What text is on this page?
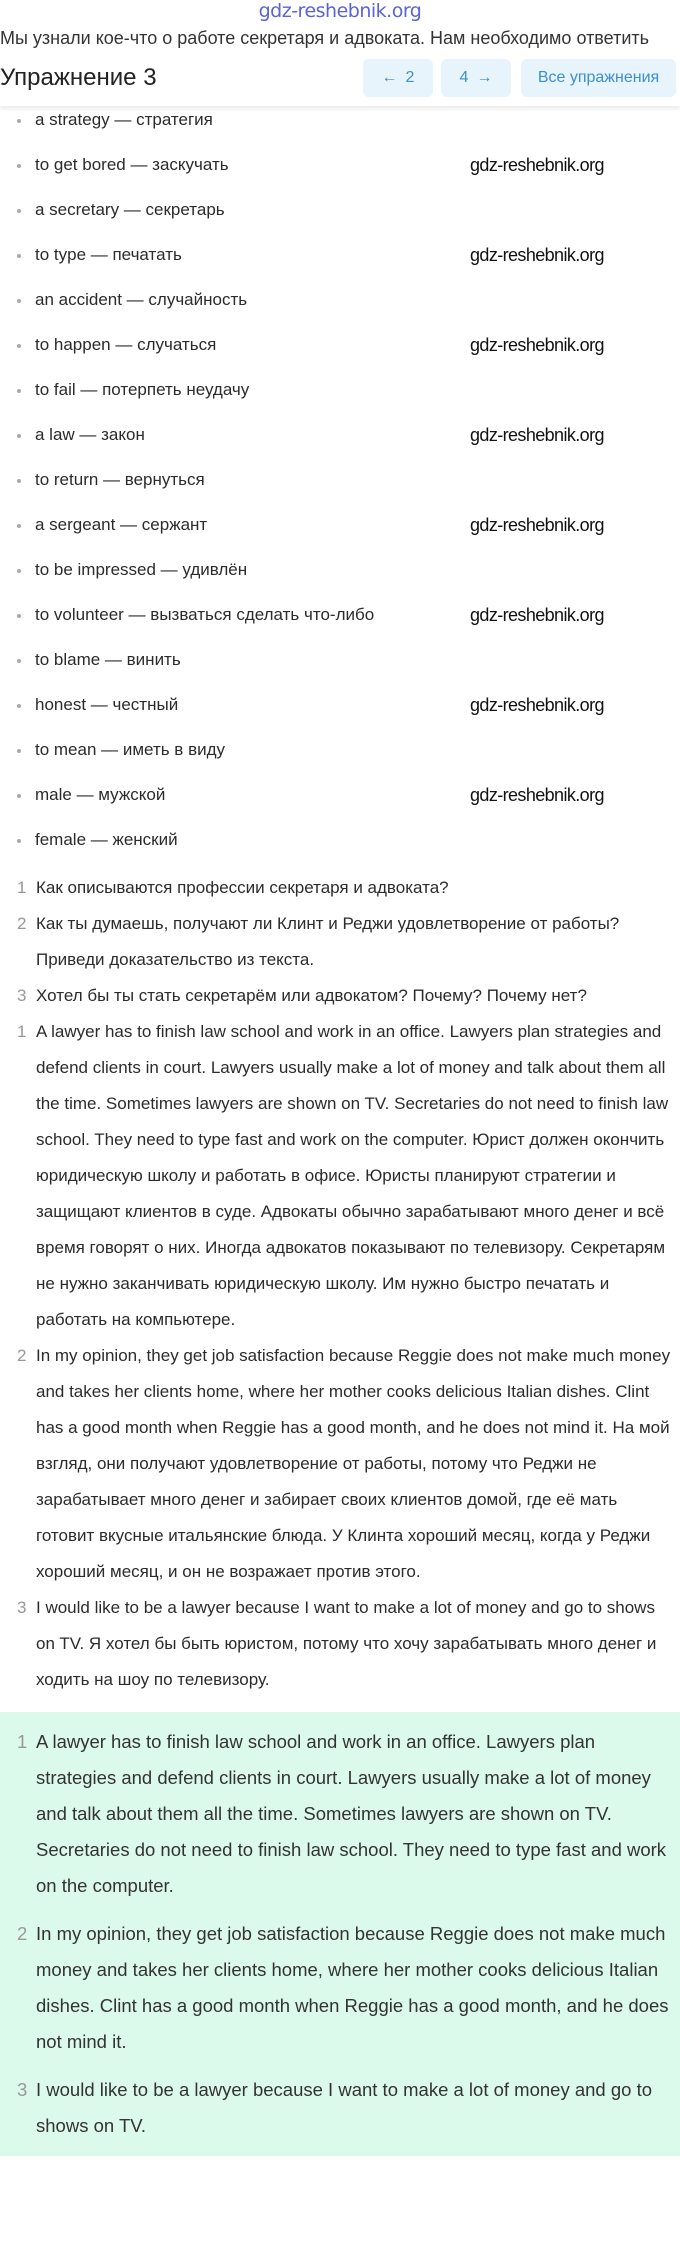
gdz-reshebnik.org
Мы узнали кое-что о работе секретаря и адвоката. Нам необходимо ответить
Упражнение 3	← 2	4 →	Все упражнения
a strategy — стратегия
to get bored — заскучать
a secretary — секретарь
to type — печатать
an accident — случайность
to happen — случаться
to fail — потерпеть неудачу
a law — закон
to return — вернуться
a sergeant — сержант
to be impressed — удивлён
to volunteer — вызваться сделать что-либо
to blame — винить
honest — честный
to mean — иметь в виду
male — мужской
female — женский
1 Как описываются профессии секретаря и адвоката?
2 Как ты думаешь, получают ли Клинт и Реджи удовлетворение от работы?
Приведи доказательство из текста.
3 Хотел бы ты стать секретарём или адвокатом? Почему? Почему нет?
1 A lawyer has to finish law school and work in an office. Lawyers plan strategies and defend clients in court. Lawyers usually make a lot of money and talk about them all the time. Sometimes lawyers are shown on TV. Secretaries do not need to finish law school. They need to type fast and work on the computer. Юрист должен окончить юридическую школу и работать в офисе. Юристы планируют стратегии и защищают клиентов в суде. Адвокаты обычно зарабатывают много денег и всё время говорят о них. Иногда адвокатов показывают по телевизору. Секретарям не нужно заканчивать юридическую школу. Им нужно быстро печатать и работать на компьютере.
2 In my opinion, they get job satisfaction because Reggie does not make much money and takes her clients home, where her mother cooks delicious Italian dishes. Clint has a good month when Reggie has a good month, and he does not mind it. На мой взгляд, они получают удовлетворение от работы, потому что Реджи не зарабатывает много денег и забирает своих клиентов домой, где её мать готовит вкусные итальянские блюда. У Клинта хороший месяц, когда у Реджи хороший месяц, и он не возражает против этого.
3 I would like to be a lawyer because I want to make a lot of money and go to shows on TV. Я хотел бы быть юристом, потому что хочу зарабатывать много денег и ходить на шоу по телевизору.
1 A lawyer has to finish law school and work in an office. Lawyers plan strategies and defend clients in court. Lawyers usually make a lot of money and talk about them all the time. Sometimes lawyers are shown on TV. Secretaries do not need to finish law school. They need to type fast and work on the computer.
2 In my opinion, they get job satisfaction because Reggie does not make much money and takes her clients home, where her mother cooks delicious Italian dishes. Clint has a good month when Reggie has a good month, and he does not mind it.
3 I would like to be a lawyer because I want to make a lot of money and go to shows on TV.
gdz-reshebnik.org
gdz-reshebnik.org
gdz-reshebnik.org
gdz-reshebnik.org
gdz-reshebnik.org
gdz-reshebnik.org
gdz-reshebnik.org
gdz-reshebnik.org
